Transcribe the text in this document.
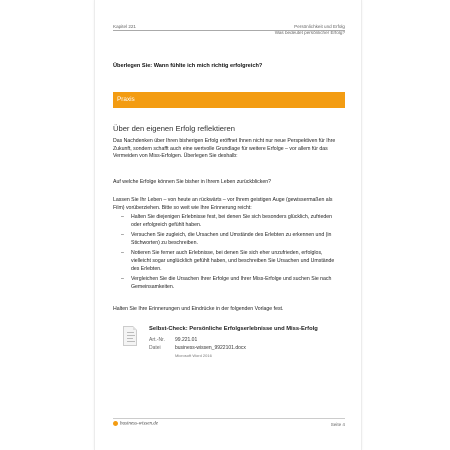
Kapitel 221	Persönlichkeit und Erfolg
Was bedeutet persönlicher Erfolg?
Überlegen Sie: Wann fühlte ich mich richtig erfolgreich?
Praxis
Über den eigenen Erfolg reflektieren
Das Nachdenken über Ihren bisherigen Erfolg eröffnet Ihnen nicht nur neue Perspektiven für Ihre Zukunft, sondern schafft auch eine wertvolle Grundlage für weitere Erfolge – vor allem für das Vermeiden von Miss-Erfolgen. Überlegen Sie deshalb:
Auf welche Erfolge können Sie bisher in Ihrem Leben zurückblicken?
Lassen Sie Ihr Leben – von heute an rückwärts – vor Ihrem geistigen Auge (gewissermaßen als Film) vorüberziehen. Bitte so weit wie Ihre Erinnerung reicht:
– Halten Sie diejenigen Erlebnisse fest, bei denen Sie sich besonders glücklich, zufrieden oder erfolgreich gefühlt haben.
– Versuchen Sie zugleich, die Ursachen und Umstände des Erlebten zu erkennen und (in Stichworten) zu beschreiben.
– Notieren Sie ferner auch Erlebnisse, bei denen Sie sich eher unzufrieden, erfolglos, vielleicht sogar unglücklich gefühlt haben, und beschreiben Sie Ursachen und Umstände des Erlebten.
– Vergleichen Sie die Ursachen Ihrer Erfolge und Ihrer Miss-Erfolge und suchen Sie nach Gemeinsamkeiten.
Halten Sie Ihre Erinnerungen und Eindrücke in der folgenden Vorlage fest.
Selbst-Check: Persönliche Erfolgserlebnisse und Miss-Erfolg
Art.-Nr. 99.221.01
Datei	business-wissen_9922101.docx
Microsoft Word 2016
business-wissen.de	Seite 4
